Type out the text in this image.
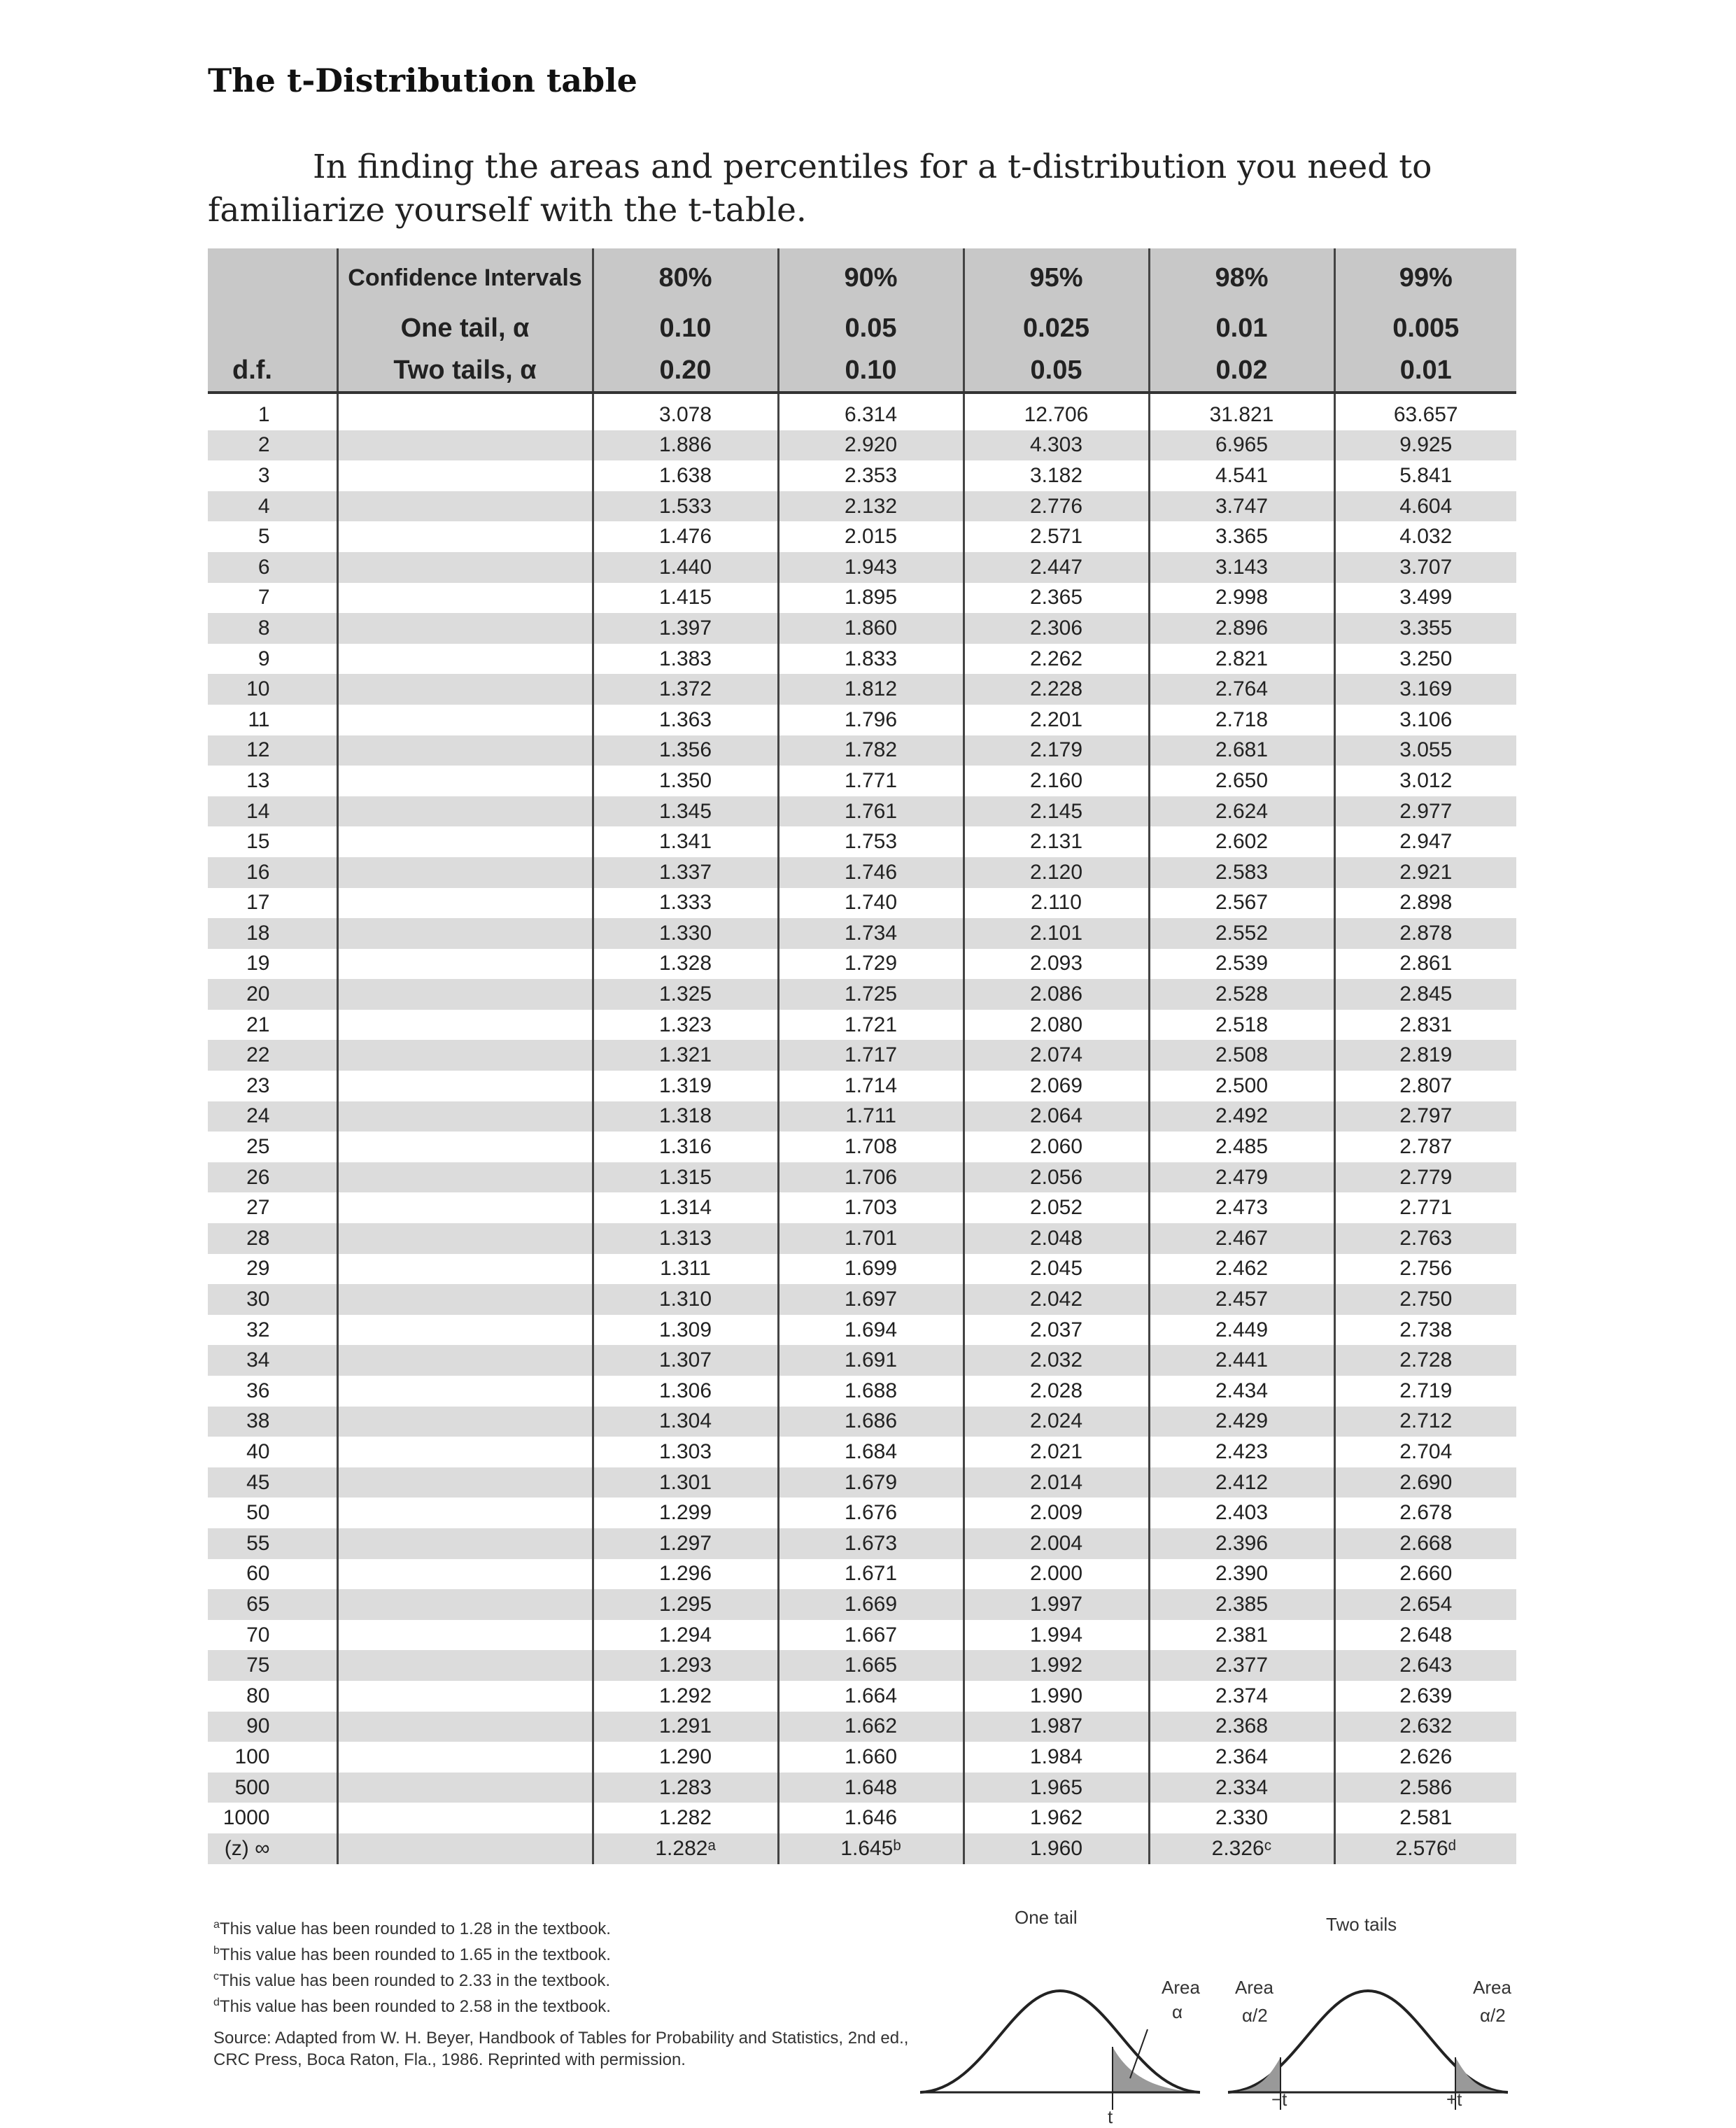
The t-Distribution table

In finding the areas and percentiles for a t-distribution you need to familiarize yourself with the t-table.

	Confidence Intervals	80%	90%	95%	98%	99%
	One tail, α	0.10	0.05	0.025	0.01	0.005
d.f.	Two tails, α	0.20	0.10	0.05	0.02	0.01
1		3.078	6.314	12.706	31.821	63.657
2		1.886	2.920	4.303	6.965	9.925
3		1.638	2.353	3.182	4.541	5.841
4		1.533	2.132	2.776	3.747	4.604
5		1.476	2.015	2.571	3.365	4.032
6		1.440	1.943	2.447	3.143	3.707
7		1.415	1.895	2.365	2.998	3.499
8		1.397	1.860	2.306	2.896	3.355
9		1.383	1.833	2.262	2.821	3.250
10		1.372	1.812	2.228	2.764	3.169
11		1.363	1.796	2.201	2.718	3.106
12		1.356	1.782	2.179	2.681	3.055
13		1.350	1.771	2.160	2.650	3.012
14		1.345	1.761	2.145	2.624	2.977
15		1.341	1.753	2.131	2.602	2.947
16		1.337	1.746	2.120	2.583	2.921
17		1.333	1.740	2.110	2.567	2.898
18		1.330	1.734	2.101	2.552	2.878
19		1.328	1.729	2.093	2.539	2.861
20		1.325	1.725	2.086	2.528	2.845
21		1.323	1.721	2.080	2.518	2.831
22		1.321	1.717	2.074	2.508	2.819
23		1.319	1.714	2.069	2.500	2.807
24		1.318	1.711	2.064	2.492	2.797
25		1.316	1.708	2.060	2.485	2.787
26		1.315	1.706	2.056	2.479	2.779
27		1.314	1.703	2.052	2.473	2.771
28		1.313	1.701	2.048	2.467	2.763
29		1.311	1.699	2.045	2.462	2.756
30		1.310	1.697	2.042	2.457	2.750
32		1.309	1.694	2.037	2.449	2.738
34		1.307	1.691	2.032	2.441	2.728
36		1.306	1.688	2.028	2.434	2.719
38		1.304	1.686	2.024	2.429	2.712
40		1.303	1.684	2.021	2.423	2.704
45		1.301	1.679	2.014	2.412	2.690
50		1.299	1.676	2.009	2.403	2.678
55		1.297	1.673	2.004	2.396	2.668
60		1.296	1.671	2.000	2.390	2.660
65		1.295	1.669	1.997	2.385	2.654
70		1.294	1.667	1.994	2.381	2.648
75		1.293	1.665	1.992	2.377	2.643
80		1.292	1.664	1.990	2.374	2.639
90		1.291	1.662	1.987	2.368	2.632
100		1.290	1.660	1.984	2.364	2.626
500		1.283	1.648	1.965	2.334	2.586
1000		1.282	1.646	1.962	2.330	2.581
(z) ∞		1.282ᵃ	1.645ᵇ	1.960	2.326ᶜ	2.576ᵈ

$^a$This value has been rounded to 1.28 in the textbook.

$^b$This value has been rounded to 1.65 in the textbook.

$^c$This value has been rounded to 2.33 in the textbook.

$^d$This value has been rounded to 2.58 in the textbook.

Source: Adapted from W. H. Beyer, Handbook of Tables for Probability and Statistics, 2nd ed., CRC Press, Boca Raton, Fla., 1986. Reprinted with permission.

One tail
Area
α
t
Two tails
Area
α/2
Area
α/2
−t	+t
